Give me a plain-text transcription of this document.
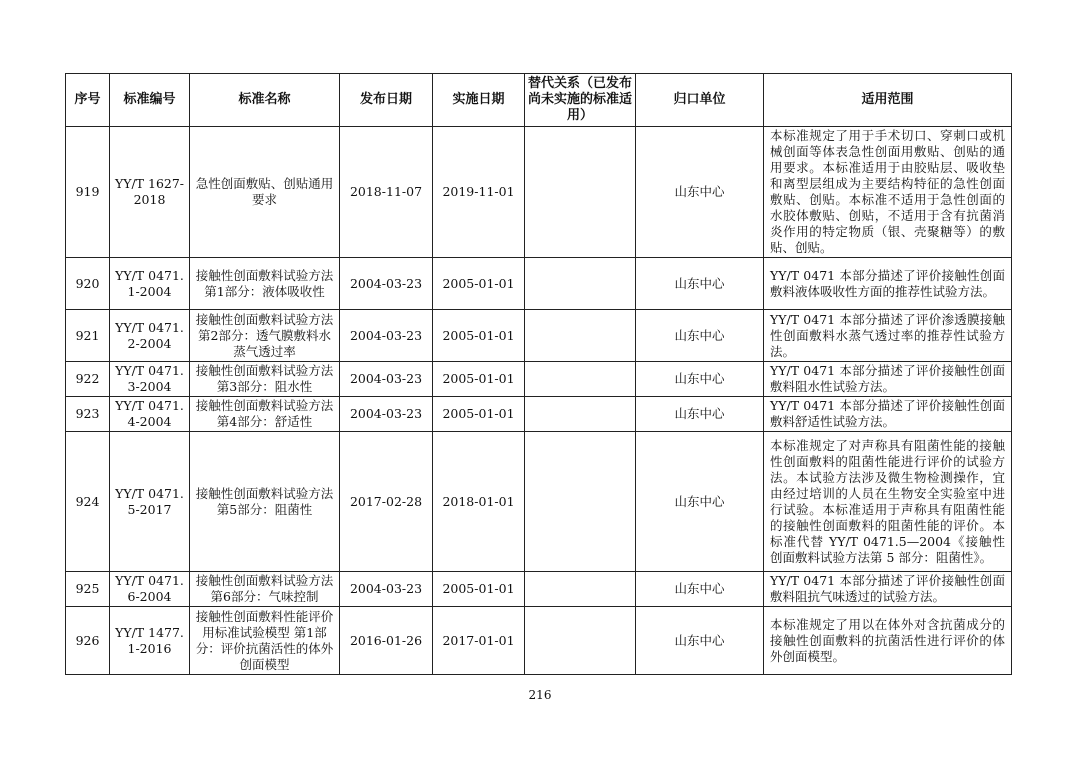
序号	标准编号	标准名称	发布日期	实施日期	替代关系（已发布尚未实施的标准适用）	归口单位	适用范围
919	YY/T 1627-2018	急性创面敷贴、创贴通用要求	2018-11-07	2019-11-01		山东中心	本标准规定了用于手术切口、穿刺口或机械创面等体表急性创面用敷贴、创贴的通用要求。本标准适用于由胶贴层、吸收垫和离型层组成为主要结构特征的急性创面敷贴、创贴。本标准不适用于急性创面的水胶体敷贴、创贴，不适用于含有抗菌消炎作用的特定物质（银、壳聚糖等）的敷贴、创贴。
920	YY/T 0471.1-2004	接触性创面敷料试验方法 第1部分：液体吸收性	2004-03-23	2005-01-01		山东中心	YY/T 0471 本部分描述了评价接触性创面敷料液体吸收性方面的推荐性试验方法。
921	YY/T 0471.2-2004	接触性创面敷料试验方法 第2部分：透气膜敷料水蒸气透过率	2004-03-23	2005-01-01		山东中心	YY/T 0471 本部分描述了评价渗透膜接触性创面敷料水蒸气透过率的推荐性试验方法。
922	YY/T 0471.3-2004	接触性创面敷料试验方法 第3部分：阻水性	2004-03-23	2005-01-01		山东中心	YY/T 0471 本部分描述了评价接触性创面敷料阻水性试验方法。
923	YY/T 0471.4-2004	接触性创面敷料试验方法 第4部分：舒适性	2004-03-23	2005-01-01		山东中心	YY/T 0471 本部分描述了评价接触性创面敷料舒适性试验方法。
924	YY/T 0471.5-2017	接触性创面敷料试验方法 第5部分：阻菌性	2017-02-28	2018-01-01		山东中心	本标准规定了对声称具有阻菌性能的接触性创面敷料的阻菌性能进行评价的试验方法。本试验方法涉及微生物检测操作，宜由经过培训的人员在生物安全实验室中进行试验。本标准适用于声称具有阻菌性能的接触性创面敷料的阻菌性能的评价。本标准代替 YY/T 0471.5—2004《接触性创面敷料试验方法第 5 部分：阻菌性》。
925	YY/T 0471.6-2004	接触性创面敷料试验方法 第6部分：气味控制	2004-03-23	2005-01-01		山东中心	YY/T 0471 本部分描述了评价接触性创面敷料阻抗气味透过的试验方法。
926	YY/T 1477.1-2016	接触性创面敷料性能评价用标准试验模型 第1部分：评价抗菌活性的体外创面模型	2016-01-26	2017-01-01		山东中心	本标准规定了用以在体外对含抗菌成分的接触性创面敷料的抗菌活性进行评价的体外创面模型。
216
